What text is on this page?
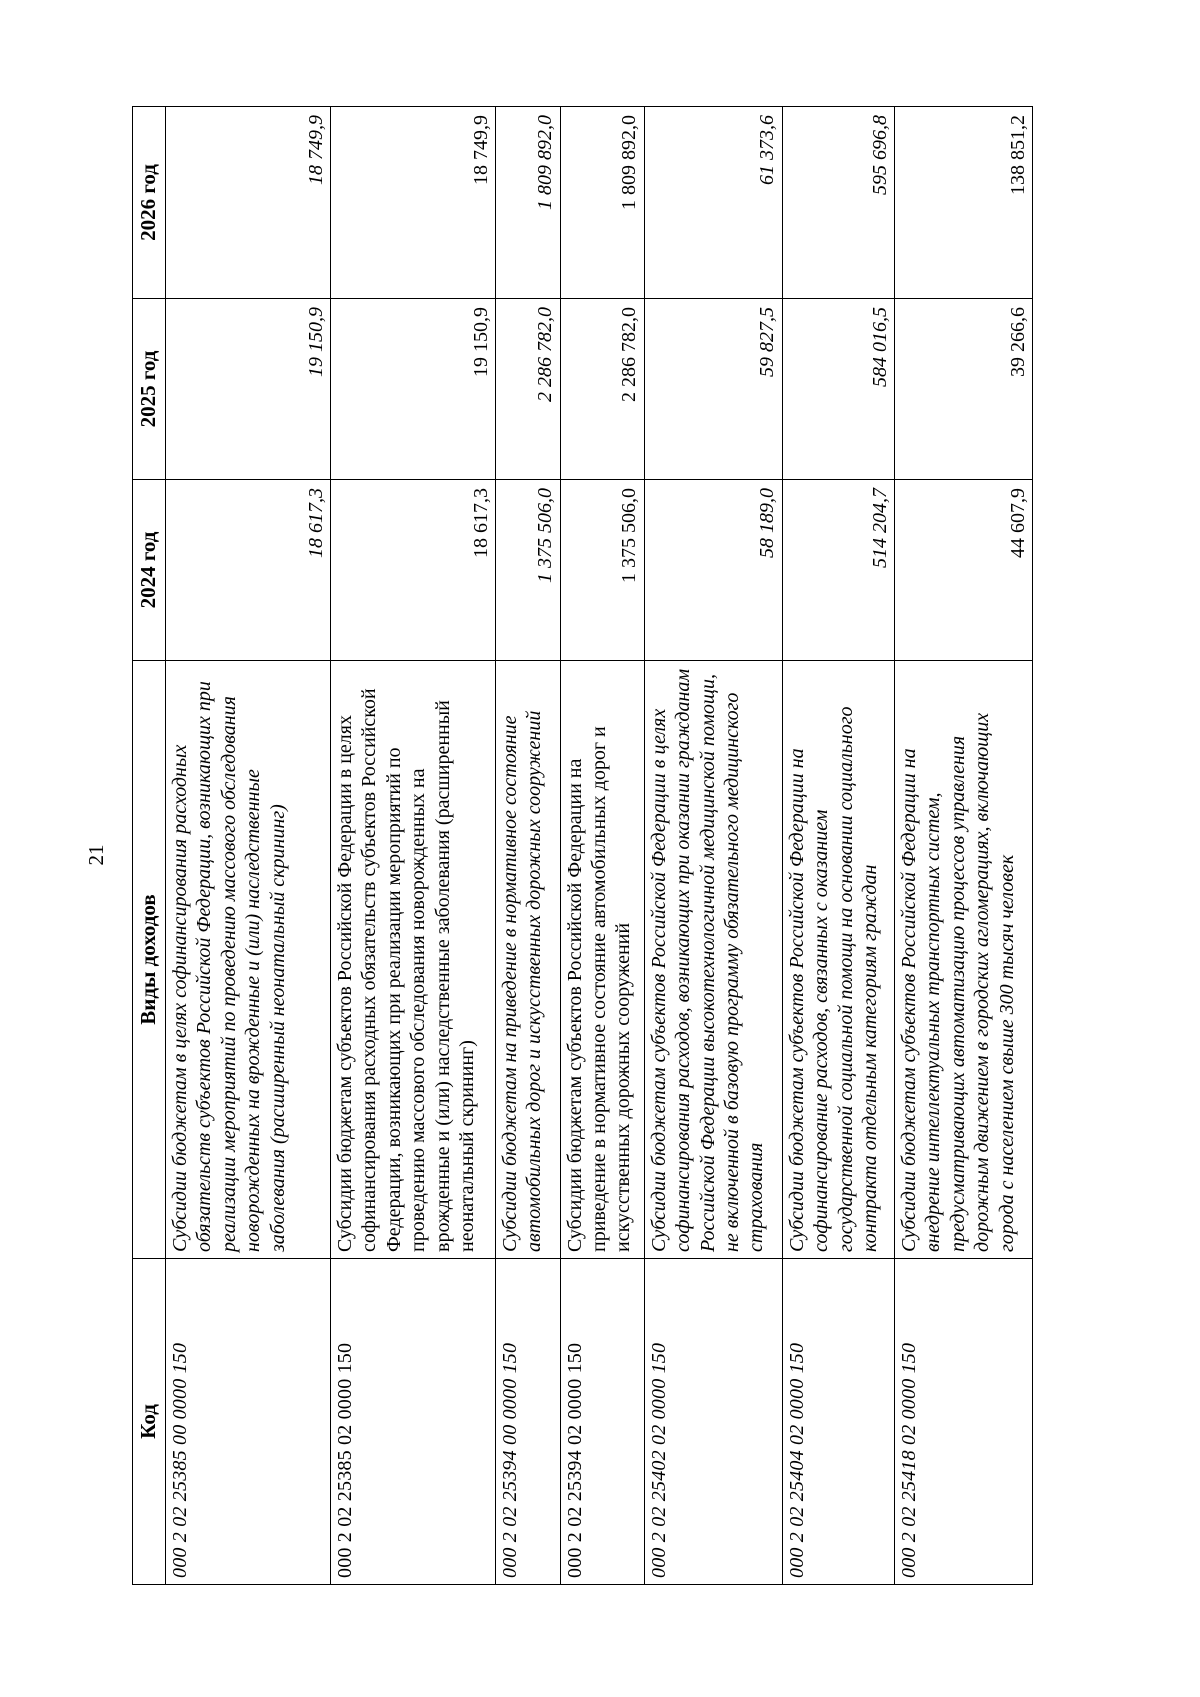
21
Код	Виды доходов	2024 год	2025 год	2026 год
000 2 02 25385 00 0000 150	Субсидии бюджетам в целях софинансирования расходных обязательств субъектов Российской Федерации, возникающих при реализации мероприятий по проведению массового обследования новорожденных на врожденные и (или) наследственные заболевания (расширенный неонатальный скрининг)	18 617,3	19 150,9	18 749,9
000 2 02 25385 02 0000 150	Субсидии бюджетам субъектов Российской Федерации в целях софинансирования расходных обязательств субъектов Российской Федерации, возникающих при реализации мероприятий по проведению массового обследования новорожденных на врожденные и (или) наследственные заболевания (расширенный неонатальный скрининг)	18 617,3	19 150,9	18 749,9
000 2 02 25394 00 0000 150	Субсидии бюджетам на приведение в нормативное состояние автомобильных дорог и искусственных дорожных сооружений	1 375 506,0	2 286 782,0	1 809 892,0
000 2 02 25394 02 0000 150	Субсидии бюджетам субъектов Российской Федерации на приведение в нормативное состояние автомобильных дорог и искусственных дорожных сооружений	1 375 506,0	2 286 782,0	1 809 892,0
000 2 02 25402 02 0000 150	Субсидии бюджетам субъектов Российской Федерации в целях софинансирования расходов, возникающих при оказании гражданам Российской Федерации высокотехнологичной медицинской помощи, не включенной в базовую программу обязательного медицинского страхования	58 189,0	59 827,5	61 373,6
000 2 02 25404 02 0000 150	Субсидии бюджетам субъектов Российской Федерации на софинансирование расходов, связанных с оказанием государственной социальной помощи на основании социального контракта отдельным категориям граждан	514 204,7	584 016,5	595 696,8
000 2 02 25418 02 0000 150	Субсидии бюджетам субъектов Российской Федерации на внедрение интеллектуальных транспортных систем, предусматривающих автоматизацию процессов управления дорожным движением в городских агломерациях, включающих города с населением свыше 300 тысяч человек	44 607,9	39 266,6	138 851,2
